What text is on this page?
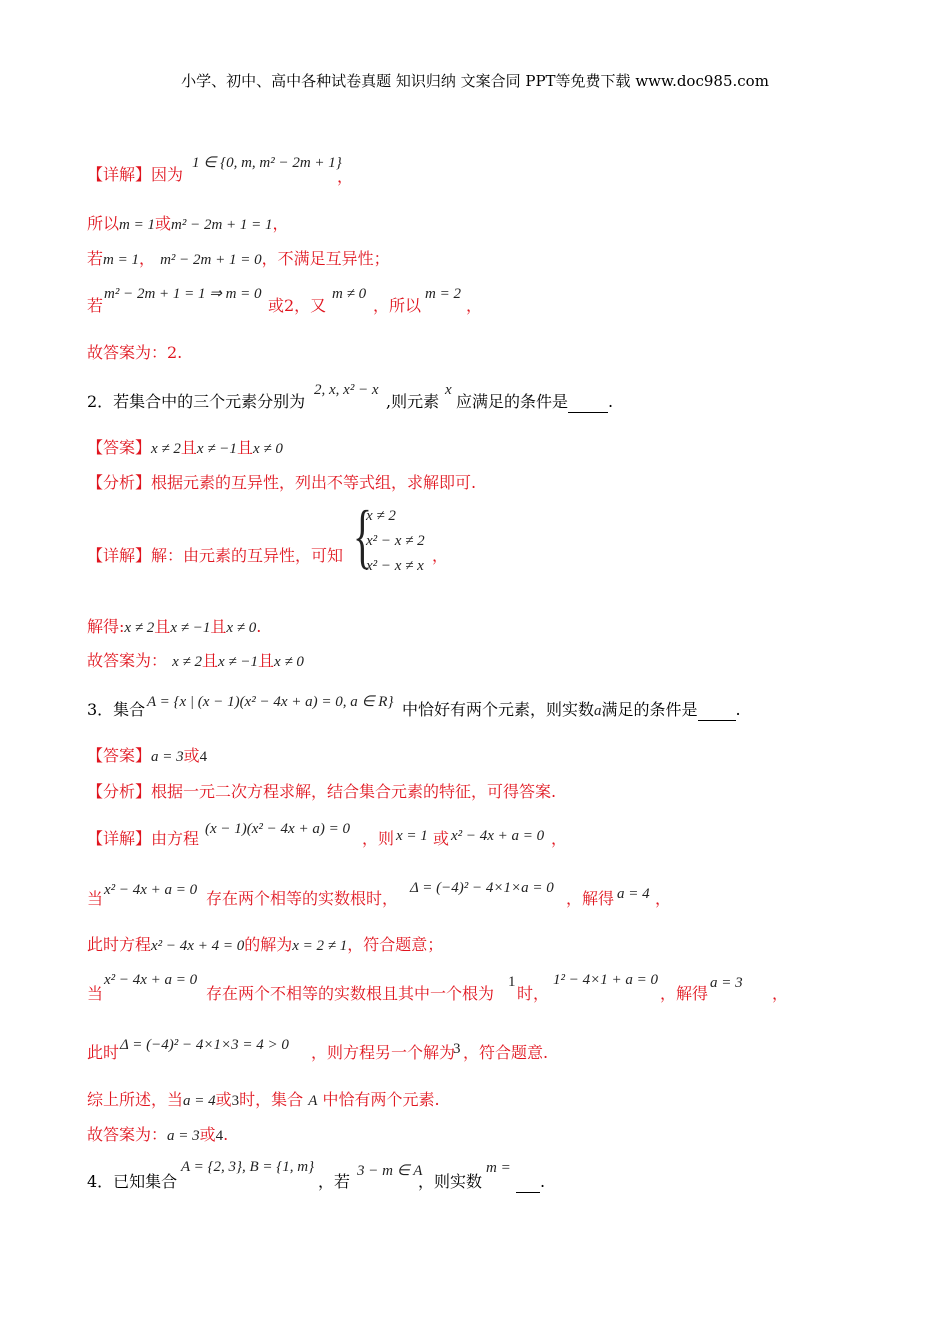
小学、初中、高中各种试卷真题 知识归纳 文案合同 PPT等免费下载 www.doc985.com
【详解】因为
1 ∈ {0, m, m² − 2m + 1}
，
所以m = 1或m² − 2m + 1 = 1，
若m = 1， m² − 2m + 1 = 0，不满足互异性；
若
m² − 2m + 1 = 1 ⇒ m = 0
或2，又
m ≠ 0
，所以
m = 2
，
故答案为：2.
2．若集合中的三个元素分别为
2, x, x² − x
,则元素
x
应满足的条件是	.
【答案】x ≠ 2且x ≠ −1且x ≠ 0
【分析】根据元素的互异性，列出不等式组，求解即可.
【详解】解：由元素的互异性，可知 {
x ≠ 2
x² − x ≠ 2
x² − x ≠ x
，
解得:x ≠ 2且x ≠ −1且x ≠ 0.
故答案为： x ≠ 2且x ≠ −1且x ≠ 0
3．集合 A = {x | (x − 1)(x² − 4x + a) = 0, a ∈ R} 中恰好有两个元素，则实数a满足的条件是 .
【答案】a = 3或4
【分析】根据一元二次方程求解，结合集合元素的特征，可得答案.
【详解】由方程 (x − 1)(x² − 4x + a) = 0 ，则 x = 1 或 x² − 4x + a = 0 ，
当 x² − 4x + a = 0 存在两个相等的实数根时，
Δ = (−4)² − 4×1×a = 0
，解得 a = 4 ，
此时方程x² − 4x + 4 = 0的解为x = 2 ≠ 1，符合题意；
当
x² − 4x + a = 0
存在两个不相等的实数根且其中一个根为
1
时，
1² − 4×1 + a = 0
，解得
a = 3
，
此时 Δ = (−4)² − 4×1×3 = 4 > 0 ，则方程另一个解为
3 ，符合题意.
综上所述，当a = 4或3时，集合 A 中恰有两个元素.
故答案为：a = 3或4.
4．已知集合
A = {2, 3}, B = {1, m}
，若
3 − m ∈ A
，则实数
m =
.
